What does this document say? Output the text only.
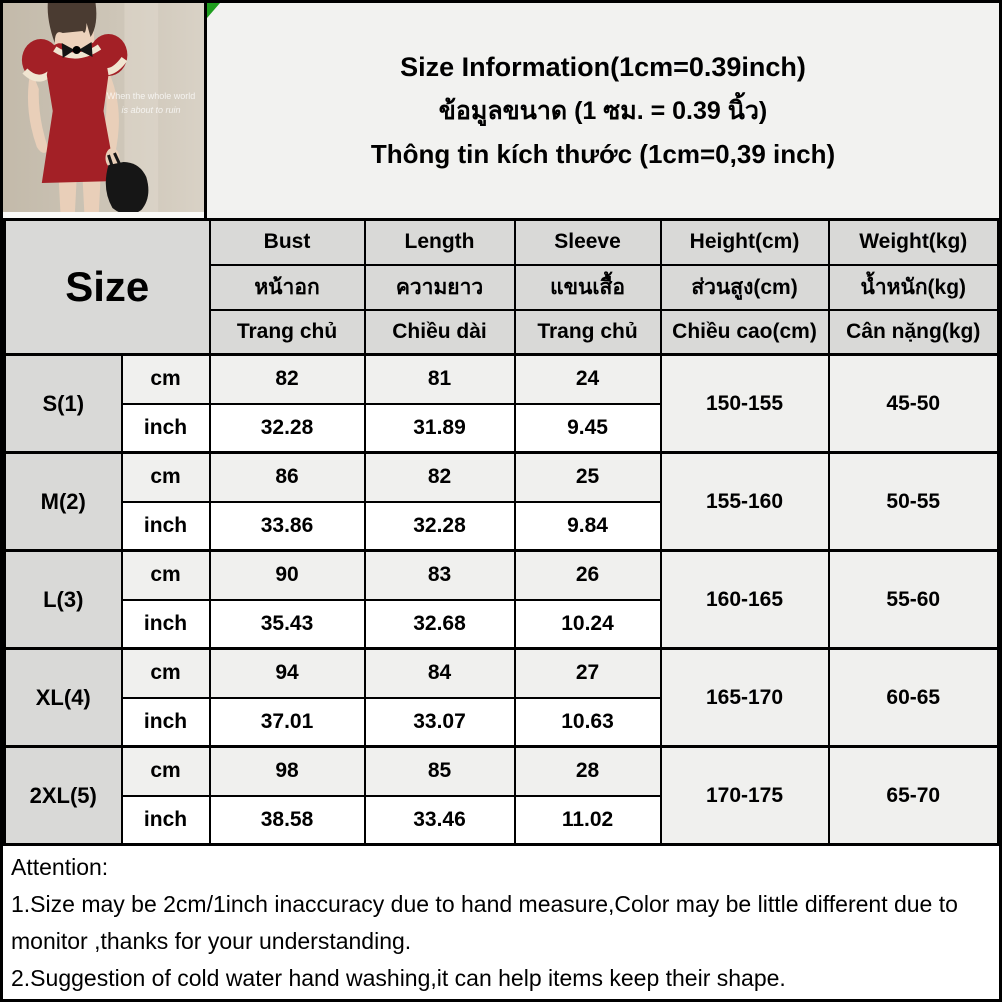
When the whole world
is about to ruin
Size Information(1cm=0.39inch)
ข้อมูลขนาด (1 ซม. = 0.39 นิ้ว)
Thông tin kích thước (1cm=0,39 inch)
Size		Bust	Length	Sleeve	Height(cm)	Weight(kg)
		หน้าอก	ความยาว	แขนเสื้อ	ส่วนสูง(cm)	น้ำหนัก(kg)
		Trang chủ	Chiều dài	Trang chủ	Chiều cao(cm)	Cân nặng(kg)
S(1)	cm	82	81	24	150-155	45-50
	inch	32.28	31.89	9.45		
M(2)	cm	86	82	25	155-160	50-55
	inch	33.86	32.28	9.84		
L(3)	cm	90	83	26	160-165	55-60
	inch	35.43	32.68	10.24		
XL(4)	cm	94	84	27	165-170	60-65
	inch	37.01	33.07	10.63		
2XL(5)	cm	98	85	28	170-175	65-70
	inch	38.58	33.46	11.02		
Attention:
1.Size may be 2cm/1inch inaccuracy due to hand measure,Color may be little different due to monitor ,thanks for your understanding.
2.Suggestion of cold water hand washing,it can help items keep their shape.
